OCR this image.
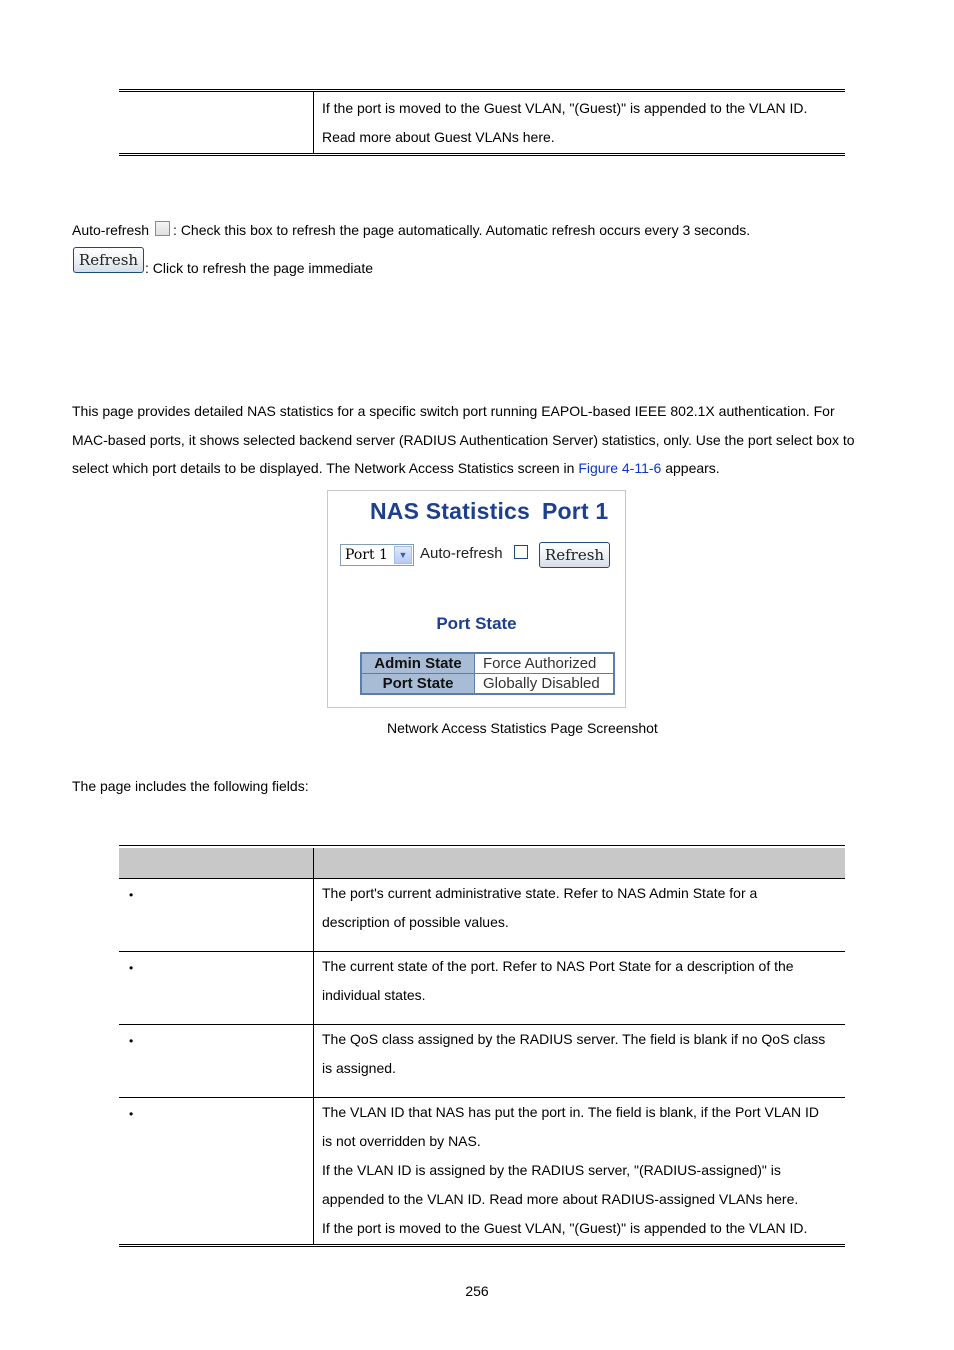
If the port is moved to the Guest VLAN, "(Guest)" is appended to the VLAN ID.
Read more about Guest VLANs here.
Auto-refresh : Check this box to refresh the page automatically. Automatic refresh occurs every 3 seconds.
Refresh : Click to refresh the page immediate
This page provides detailed NAS statistics for a specific switch port running EAPOL-based IEEE 802.1X authentication. For
MAC-based ports, it shows selected backend server (RADIUS Authentication Server) statistics, only. Use the port select box to
select which port details to be displayed. The Network Access Statistics screen in Figure 4-11-6 appears.
NAS Statistics Port 1
Port 1	▼ Auto-refresh	Refresh
Port State
Admin State	Force Authorized
Port State	Globally Disabled
Network Access Statistics Page Screenshot
The page includes the following fields:
•	The port's current administrative state. Refer to NAS Admin State for a
description of possible values.
•	The current state of the port. Refer to NAS Port State for a description of the
individual states.
•	The QoS class assigned by the RADIUS server. The field is blank if no QoS class
is assigned.
•	The VLAN ID that NAS has put the port in. The field is blank, if the Port VLAN ID
is not overridden by NAS.
If the VLAN ID is assigned by the RADIUS server, "(RADIUS-assigned)" is
appended to the VLAN ID. Read more about RADIUS-assigned VLANs here.
If the port is moved to the Guest VLAN, "(Guest)" is appended to the VLAN ID.
256
